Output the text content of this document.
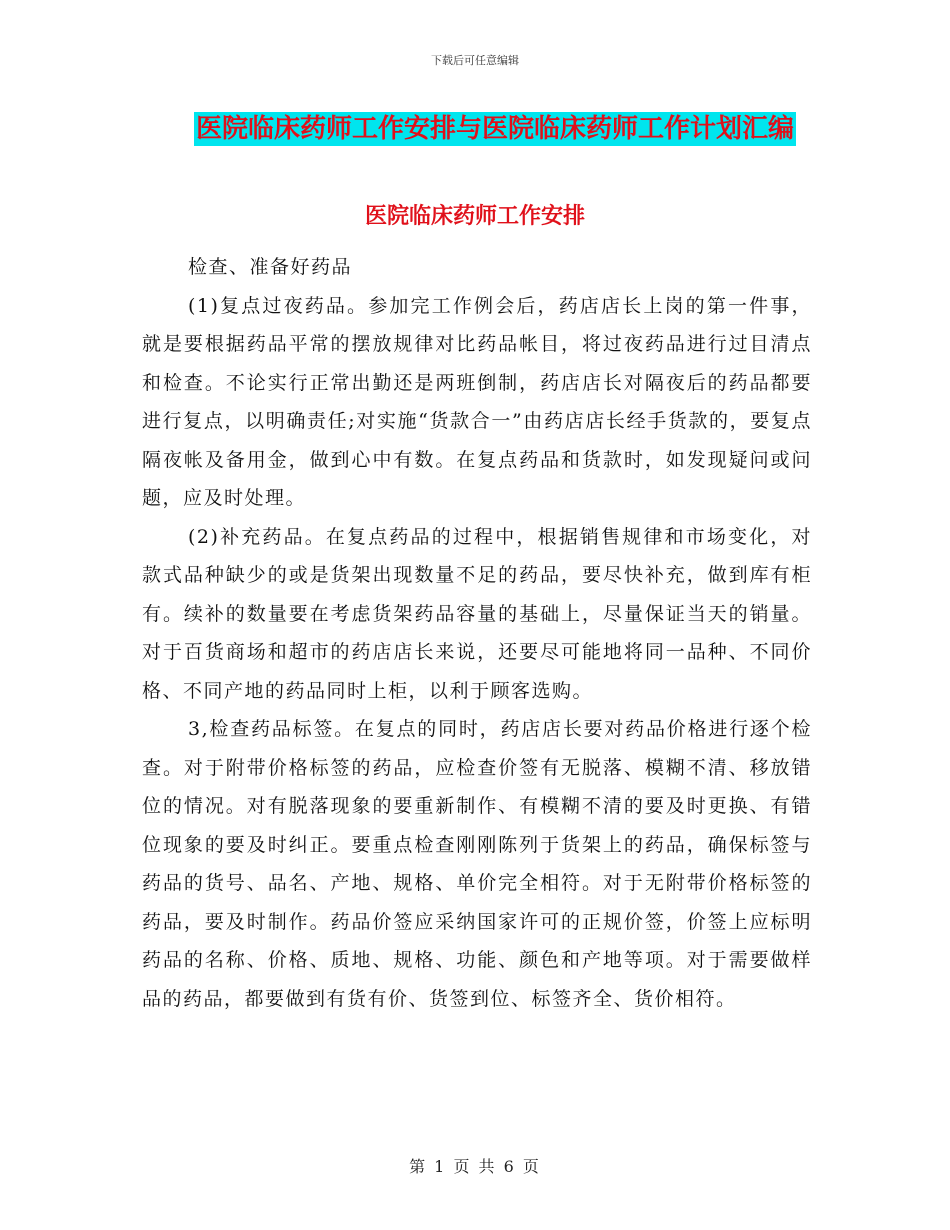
下载后可任意编辑
医院临床药师工作安排与医院临床药师工作计划汇编
医院临床药师工作安排

检查、准备好药品

(1)复点过夜药品。参加完工作例会后，药店店长上岗的第一件事，就是要根据药品平常的摆放规律对比药品帐目，将过夜药品进行过目清点和检查。不论实行正常出勤还是两班倒制，药店店长对隔夜后的药品都要进行复点，以明确责任;对实施“货款合一”由药店店长经手货款的，要复点隔夜帐及备用金，做到心中有数。在复点药品和货款时，如发现疑问或问题，应及时处理。

(2)补充药品。在复点药品的过程中，根据销售规律和市场变化，对款式品种缺少的或是货架出现数量不足的药品，要尽快补充，做到库有柜有。续补的数量要在考虑货架药品容量的基础上，尽量保证当天的销量。对于百货商场和超市的药店店长来说，还要尽可能地将同一品种、不同价格、不同产地的药品同时上柜，以利于顾客选购。

3,检查药品标签。在复点的同时，药店店长要对药品价格进行逐个检查。对于附带价格标签的药品，应检查价签有无脱落、模糊不清、移放错位的情况。对有脱落现象的要重新制作、有模糊不清的要及时更换、有错位现象的要及时纠正。要重点检查刚刚陈列于货架上的药品，确保标签与药品的货号、品名、产地、规格、单价完全相符。对于无附带价格标签的药品，要及时制作。药品价签应采纳国家许可的正规价签，价签上应标明药品的名称、价格、质地、规格、功能、颜色和产地等项。对于需要做样品的药品，都要做到有货有价、货签到位、标签齐全、货价相符。

第 1 页 共 6 页
